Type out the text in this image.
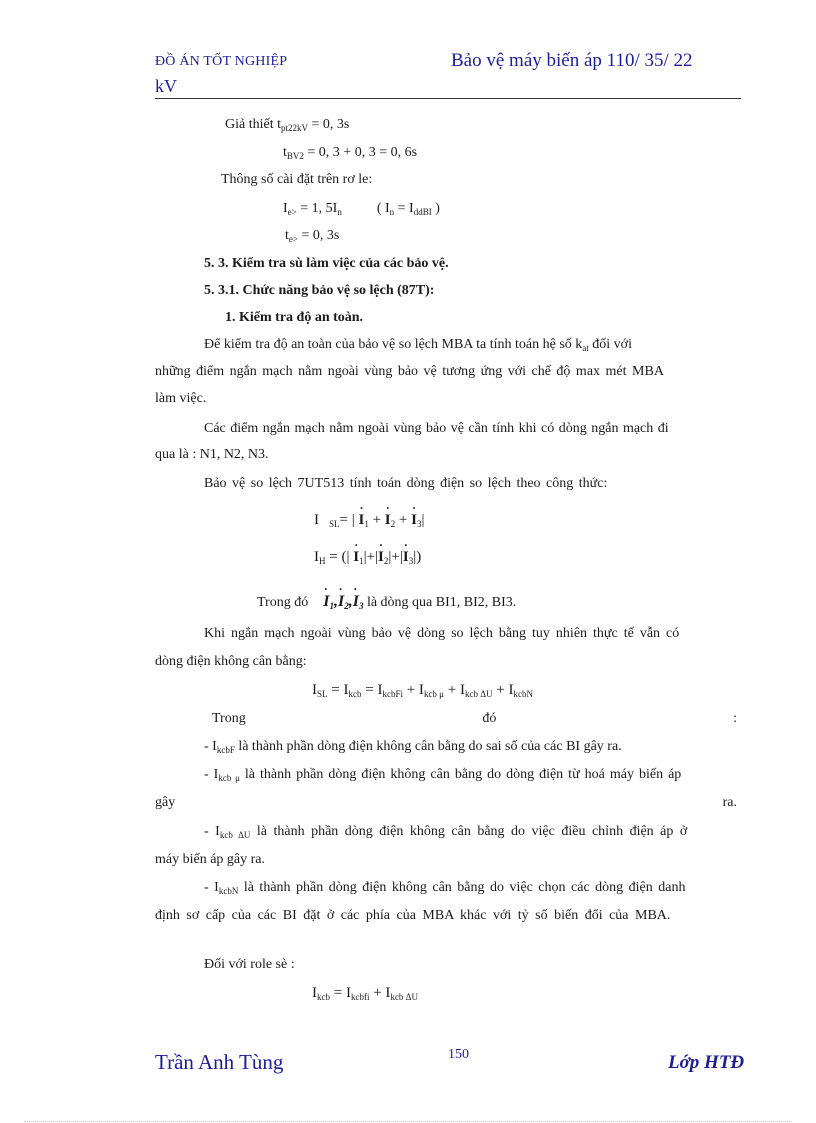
ĐỒ ÁN TỐT NGHIỆP
kV
Bảo vệ máy biến áp 110/ 35/ 22
Giả thiết $t_{pt22kV} = 0$, 3s
$t_{BV2} = 0$, 3 + 0, 3 = 0, 6s
Thông số cài đặt trên rơ le:
$I_{e>} = 1$, $5I_n$	( $I_n = I_{ddBI}$ )
$t_{e>} = 0$, 3s
5. 3. Kiểm tra sù làm việc của các bảo vệ.
5. 3.1. Chức năng bảo vệ so lệch (87T):
1. Kiểm tra độ an toàn.
Để kiểm tra độ an toàn của bảo vệ so lệch MBA ta tính toán hệ số $k_{at}$ đối với
những điểm ngắn mạch nằm ngoài vùng bảo vệ tương ứng với chế độ max mét MBA
làm việc.
Các điểm ngắn mạch nằm ngoài vùng bảo vệ cần tính khi có dòng ngắn mạch đi
qua là : N1, N2, N3.
Bảo vệ so lệch 7UT513 tính toán dòng điện so lệch theo công thức:
I $_{SL}$= | · $I_1$ + · $I_2$ + · $I_3|$
$I_H$ = (| · $I_1|+|\cdot I_2|+|\cdot I_3|$)
Trong đó · $I_1,\cdot I_2,\cdot I_3$ là dòng qua BI1, BI2, BI3.
Khi ngắn mạch ngoài vùng bảo vệ dòng so lệch bằng tuy nhiên thực tế vẫn có
dòng điện không cân bằng:
$I_{SL} = I_{kcb} = I_{kcbFi} + I_{kcb \mu} + I_{kcb \Delta U} + I_{kcbN}$
Trong	đó	:
- $I_{kcbF}$ là thành phần dòng điện không cân bằng do sai số của các BI gây ra.
- $I_{kcb \mu}$ là thành phần dòng điện không cân bằng do dòng điện từ hoá máy biến áp
gây	ra.
- $I_{kcb \Delta U}$ là thành phần dòng điện không cân bằng do việc điều chỉnh điện áp ở
máy biến áp gây ra.
- $I_{kcbN}$ là thành phần dòng điện không cân bằng do việc chọn các dòng điện danh
định sơ cấp của các BI đặt ở các phía của MBA khác với tỷ số biến đổi của MBA.
Đối với role sè :
$I_{kcb} = I_{kcbfi} + I_{kcb \Delta U}$
Trần Anh Tùng	150	Lớp HTĐ
